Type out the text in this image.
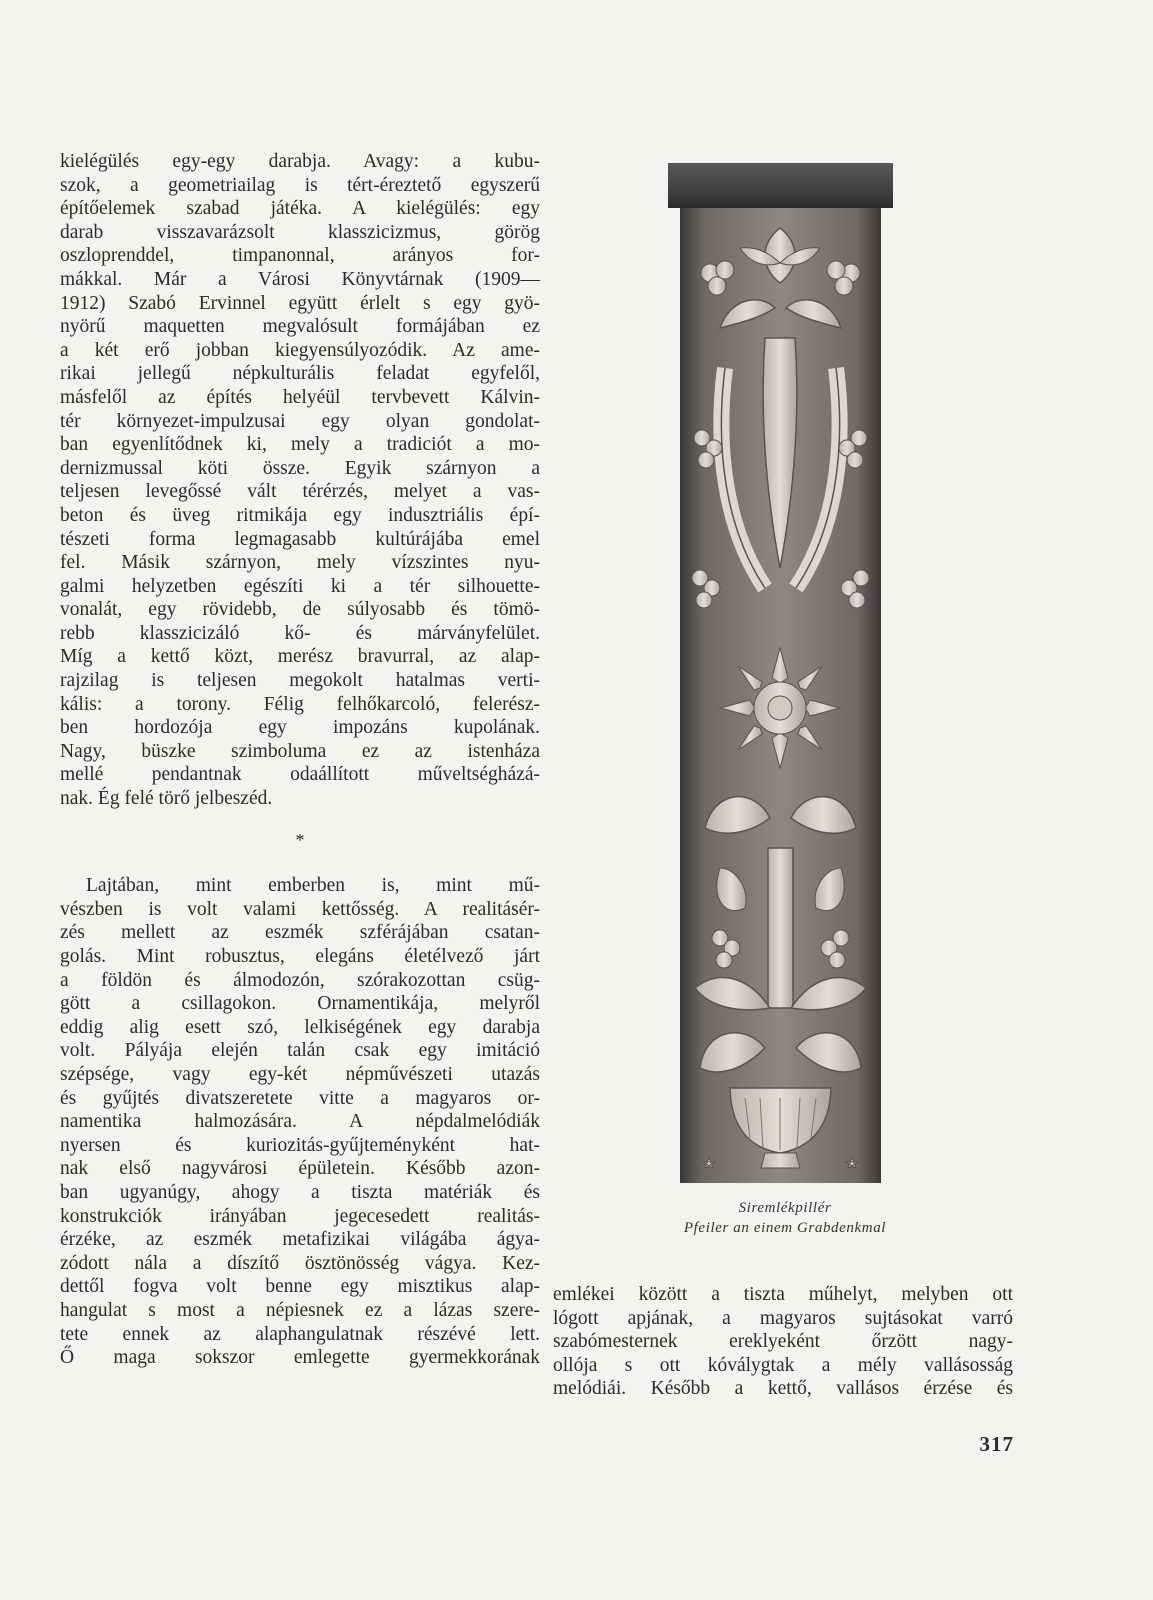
kielégülés egy-egy darabja. Avagy: a kubu-
szok, a geometriailag is tért-éreztető egyszerű
építőelemek szabad játéka. A kielégülés: egy
darab visszavarázsolt klasszicizmus, görög
oszloprenddel, timpanonnal, arányos for-
mákkal. Már a Városi Könyvtárnak (1909—
1912) Szabó Ervinnel együtt érlelt s egy gyö-
nyörű maquetten megvalósult formájában ez
a két erő jobban kiegyensúlyozódik. Az ame-
rikai jellegű népkulturális feladat egyfelől,
másfelől az építés helyéül tervbevett Kálvin-
tér környezet-impulzusai egy olyan gondolat-
ban egyenlítődnek ki, mely a tradiciót a mo-
dernizmussal köti össze. Egyik szárnyon a
teljesen levegőssé vált térérzés, melyet a vas-
beton és üveg ritmikája egy indusztriális épí-
tészeti forma legmagasabb kultúrájába emel
fel. Másik szárnyon, mely vízszintes nyu-
galmi helyzetben egészíti ki a tér silhouette-
vonalát, egy rövidebb, de súlyosabb és tömö-
rebb klasszicizáló kő- és márványfelület.
Míg a kettő közt, merész bravurral, az alap-
rajzilag is teljesen megokolt hatalmas verti-
kális: a torony. Félig felhőkarcoló, felerész-
ben hordozója egy impozáns kupolának.
Nagy, büszke szimboluma ez az istenháza
mellé pendantnak odaállított műveltségházá-
nak. Ég felé törő jelbeszéd.

*

Lajtában, mint emberben is, mint mű-
vészben is volt valami kettősség. A realitásér-
zés mellett az eszmék szférájában csatan-
golás. Mint robusztus, elegáns életélvező járt
a földön és álmodozón, szórakozottan csüg-
gött a csillagokon. Ornamentikája, melyről
eddig alig esett szó, lelkiségének egy darabja
volt. Pályája elején talán csak egy imitáció
szépsége, vagy egy-két népművészeti utazás
és gyűjtés divatszeretete vitte a magyaros or-
namentika halmozására. A népdalmelódiák
nyersen és kuriozitás-gyűjteményként hat-
nak első nagyvárosi épületein. Később azon-
ban ugyanúgy, ahogy a tiszta matériák és
konstrukciók irányában jegecesedett realitás-
érzéke, az eszmék metafizikai világába ágya-
zódott nála a díszítő ösztönösség vágya. Kez-
dettől fogva volt benne egy misztikus alap-
hangulat s most a népiesnek ez a lázas szere-
tete ennek az alaphangulatnak részévé lett.
Ő maga sokszor emlegette gyermekkorának

Siremlékpillér
Pfeiler an einem Grabdenkmal
emlékei között a tiszta műhelyt, melyben ott
lógott apjának, a magyaros sujtásokat varró
szabómesternek ereklyeként őrzött nagy-
ollója s ott kóválygtak a mély vallásosság
melódiái. Később a kettő, vallásos érzése és
317
